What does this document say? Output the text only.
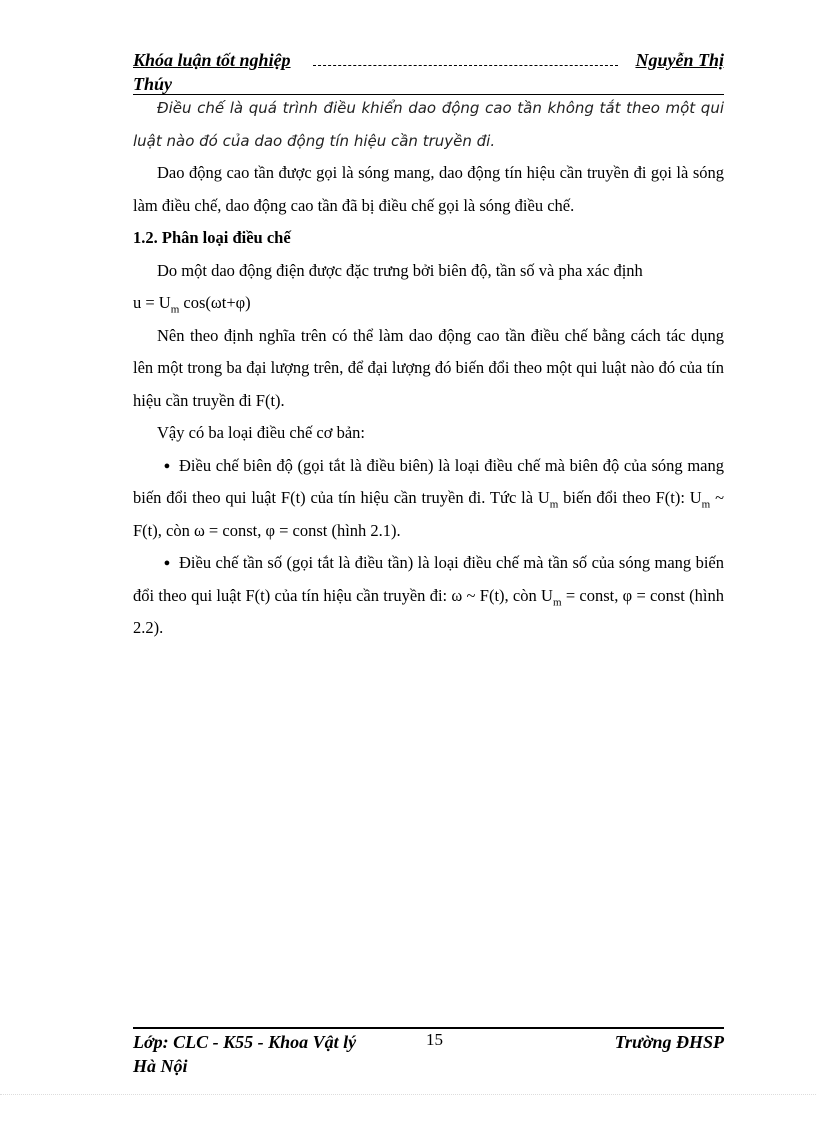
Khóa luận tốt nghiệp	Nguyễn Thị
Thúy

Điều chế là quá trình điều khiển dao động cao tần không tắt theo một qui luật nào đó của dao động tín hiệu cần truyền đi.

Dao động cao tần được gọi là sóng mang, dao động tín hiệu cần truyền đi gọi là sóng làm điều chế, dao động cao tần đã bị điều chế gọi là sóng điều chế.

1.2. Phân loại điều chế

Do một dao động điện được đặc trưng bởi biên độ, tần số và pha xác định

$u = U_m$ cos(ωt+φ)

Nên theo định nghĩa trên có thể làm dao động cao tần điều chế bằng cách tác dụng lên một trong ba đại lượng trên, để đại lượng đó biến đổi theo một qui luật nào đó của tín hiệu cần truyền đi F(t).

Vậy có ba loại điều chế cơ bản:

● Điều chế biên độ (gọi tắt là điều biên) là loại điều chế mà biên độ của sóng mang biến đổi theo qui luật F(t) của tín hiệu cần truyền đi. Tức là $U_m$ biến đổi theo F(t): $U_m$ ~ F(t), còn ω = const, φ = const (hình 2.1).

● Điều chế tần số (gọi tắt là điều tần) là loại điều chế mà tần số của sóng mang biến đổi theo qui luật F(t) của tín hiệu cần truyền đi: ω ~ F(t), còn $U_m$ = const, φ = const (hình 2.2).

Lớp: CLC - K55 - Khoa Vật lý
Hà Nội
15	Trường ĐHSP
